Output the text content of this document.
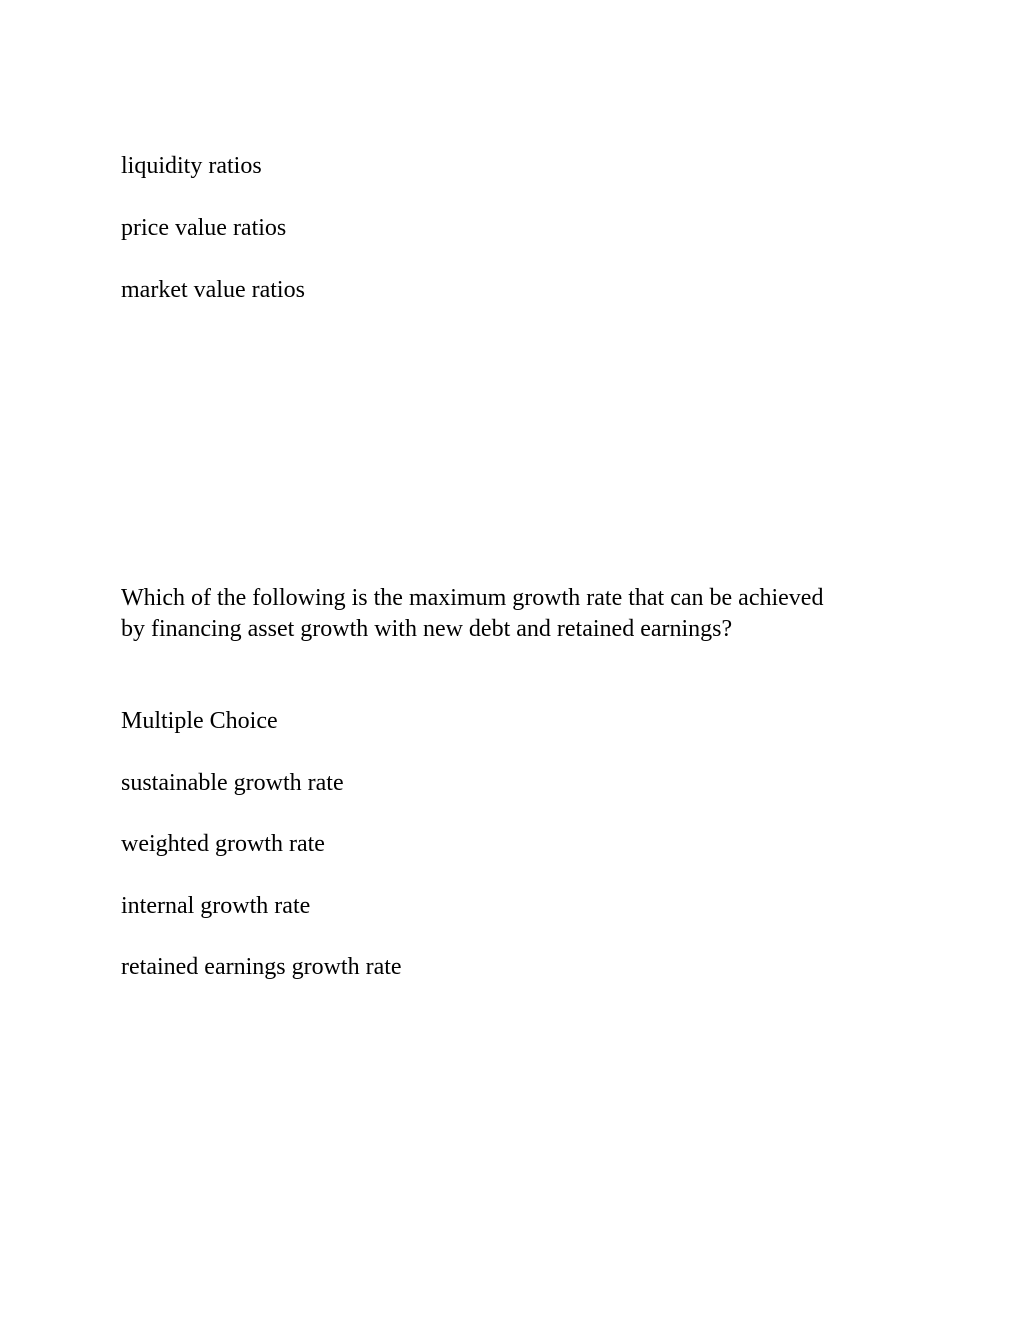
liquidity ratios

price value ratios

market value ratios

Which of the following is the maximum growth rate that can be achieved by financing asset growth with new debt and retained earnings?

Multiple Choice

sustainable growth rate

weighted growth rate

internal growth rate

retained earnings growth rate
